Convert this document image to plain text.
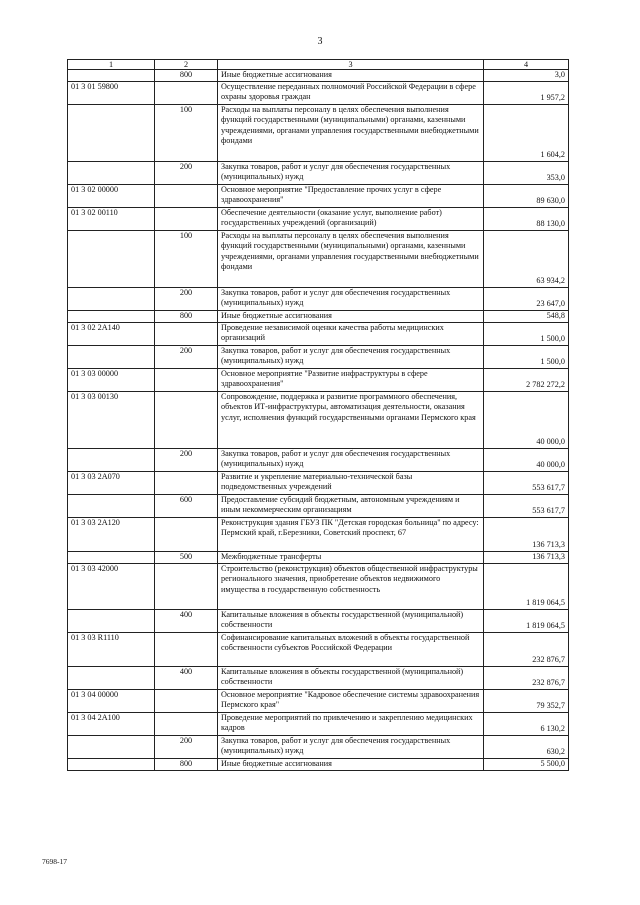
3
1	2	3	4
	800	Иные бюджетные ассигнования	3,0
01 3 01 59800		Осуществление переданных полномочий Российской Федерации в сфере охраны здоровья граждан	1 957,2
	100	Расходы на выплаты персоналу в целях обеспечения выполнения функций государственными (муниципальными) органами, казенными учреждениями, органами управления государственными внебюджетными фондами	1 604,2
	200	Закупка товаров, работ и услуг для обеспечения государственных (муниципальных) нужд	353,0
01 3 02 00000		Основное мероприятие "Предоставление прочих услуг в сфере здравоохранения"	89 630,0
01 3 02 00110		Обеспечение деятельности (оказание услуг, выполнение работ) государственных учреждений (организаций)	88 130,0
	100	Расходы на выплаты персоналу в целях обеспечения выполнения функций государственными (муниципальными) органами, казенными учреждениями, органами управления государственными внебюджетными фондами	63 934,2
	200	Закупка товаров, работ и услуг для обеспечения государственных (муниципальных) нужд	23 647,0
	800	Иные бюджетные ассигнования	548,8
01 3 02 2А140		Проведение независимой оценки качества работы медицинских организаций	1 500,0
	200	Закупка товаров, работ и услуг для обеспечения государственных (муниципальных) нужд	1 500,0
01 3 03 00000		Основное мероприятие "Развитие инфраструктуры в сфере здравоохранения"	2 782 272,2
01 3 03 00130		Сопровождение, поддержка и развитие программного обеспечения, объектов ИТ-инфраструктуры, автоматизация деятельности, оказания услуг, исполнения функций государственными органами Пермского края	40 000,0
	200	Закупка товаров, работ и услуг для обеспечения государственных (муниципальных) нужд	40 000,0
01 3 03 2А070		Развитие и укрепление материально-технической базы подведомственных учреждений	553 617,7
	600	Предоставление субсидий бюджетным, автономным учреждениям и иным некоммерческим организациям	553 617,7
01 3 03 2А120		Реконструкция здания ГБУЗ ПК "Детская городская больница" по адресу: Пермский край, г.Березники, Советский проспект, 67	136 713,3
	500	Межбюджетные трансферты	136 713,3
01 3 03 42000		Строительство (реконструкция) объектов общественной инфраструктуры регионального значения, приобретение объектов недвижимого имущества в государственную собственность	1 819 064,5
	400	Капитальные вложения в объекты государственной (муниципальной) собственности	1 819 064,5
01 3 03 R1110		Софинансирование капитальных вложений в объекты государственной собственности субъектов Российской Федерации	232 876,7
	400	Капитальные вложения в объекты государственной (муниципальной) собственности	232 876,7
01 3 04 00000		Основное мероприятие "Кадровое обеспечение системы здравоохранения Пермского края"	79 352,7
01 3 04 2А100		Проведение мероприятий по привлечению и закреплению медицинских кадров	6 130,2
	200	Закупка товаров, работ и услуг для обеспечения государственных (муниципальных) нужд	630,2
	800	Иные бюджетные ассигнования	5 500,0
7698-17
